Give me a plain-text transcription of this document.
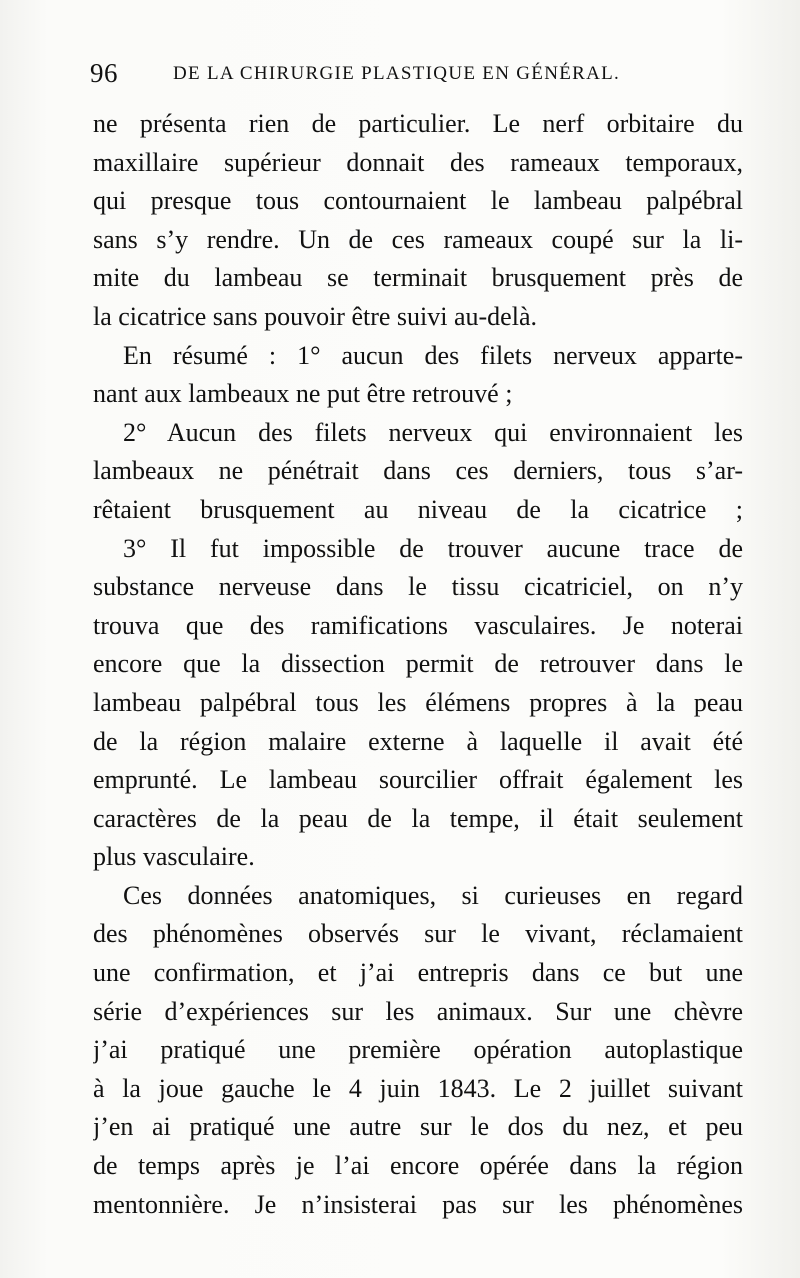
96	DE LA CHIRURGIE PLASTIQUE EN GÉNÉRAL.
ne présenta rien de particulier. Le nerf orbitaire du
maxillaire supérieur donnait des rameaux temporaux,
qui presque tous contournaient le lambeau palpébral
sans s’y rendre. Un de ces rameaux coupé sur la li-
mite du lambeau se terminait brusquement près de
la cicatrice sans pouvoir être suivi au-delà.
En résumé : 1° aucun des filets nerveux apparte-
nant aux lambeaux ne put être retrouvé ;
2° Aucun des filets nerveux qui environnaient les
lambeaux ne pénétrait dans ces derniers, tous s’ar-
rêtaient brusquement au niveau de la cicatrice ;
3° Il fut impossible de trouver aucune trace de
substance nerveuse dans le tissu cicatriciel, on n’y
trouva que des ramifications vasculaires. Je noterai
encore que la dissection permit de retrouver dans le
lambeau palpébral tous les élémens propres à la peau
de la région malaire externe à laquelle il avait été
emprunté. Le lambeau sourcilier offrait également les
caractères de la peau de la tempe, il était seulement
plus vasculaire.
Ces données anatomiques, si curieuses en regard
des phénomènes observés sur le vivant, réclamaient
une confirmation, et j’ai entrepris dans ce but une
série d’expériences sur les animaux. Sur une chèvre
j’ai pratiqué une première opération autoplastique
à la joue gauche le 4 juin 1843. Le 2 juillet suivant
j’en ai pratiqué une autre sur le dos du nez, et peu
de temps après je l’ai encore opérée dans la région
mentonnière. Je n’insisterai pas sur les phénomènes
